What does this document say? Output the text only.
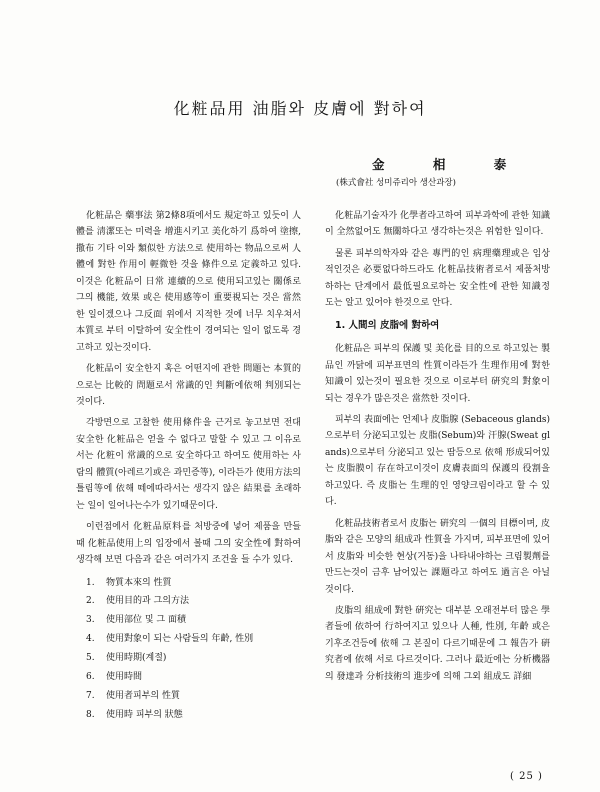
化粧品用 油脂와 皮膚에 對하여
金 相 泰
(株式會社 성미쥬리아 생산과장)

化粧品은 藥事法 第2條8項에서도 規定하고 있듯이 人體를 淸潔또는 미력을 增進시키고 美化하기 爲하여 塗擦, 撒布 기타 이와 類似한 方法으로 使用하는 物品으로써 人體에 對한 作用이 輕微한 것을 條件으로 定義하고 있다. 이것은 化粧品이 日常 連續的으로 使用되고있는 關係로 그의 機能, 效果 或은 使用感等이 重要視되는 것은 當然한 일이겠으나 그反面 위에서 지적한 것에 너무 치우쳐서 本質로 부터 이탈하여 安全性이 경여되는 일이 없도록 경고하고 있는것이다.

化粧品이 安全한지 혹은 어떤지에 관한 問題는 本質的으로는 比較的 問題로서 常識的인 判斷에依해 判別되는 것이다.

각방면으로 고찰한 使用條件을 근거로 놓고보면 전대 安全한 化粧品은 얻을 수 없다고 말할 수 있고 그 이유로서는 化粧이 常識的으로 安全하다고 하여도 使用하는 사람의 體質(아레르기或은 과민증等), 이라든가 使用方法의 틀림等에 依해 떼에따라서는 생각지 않은 結果를 초래하는 일이 일어나는수가 있기때문이다.

이런점에서 化粧品原料를 처방중에 넣어 제품을 만들때 化粧品使用上의 입장에서 볼때 그의 安全性에 對하여 생각해 보면 다음과 같은 여러가지 조건을 들 수가 있다.

1.	物質本來의 性質
2.	使用目的과 그의方法
3.	使用部位 및 그 面積
4.	使用對象이 되는 사람들의 年齡, 性別
5.	使用時期(계절)
6.	使用時間
7.	使用者피부의 性質
8.	使用時 피부의 狀態

化粧品기술자가 化學者라고하여 피부과학에 관한 知識이 全然없어도 無關하다고 생각하는것은 위험한 일이다.

물론 피부의학자와 같은 專門的인 病理藥理或은 임상적인것은 必要없다하드라도 化粧品技術者로서 제품처방하하는 단계에서 最低필요로하는 安全性에 관한 知識정도는 알고 있어야 한것으로 안다.

1. 人間의 皮脂에 對하여

化粧品은 피부의 保護 및 美化를 目的으로 하고있는 製品인 까닭에 피부표면의 性質이라든가 生理作用에 對한 知識이 있는것이 필요한 것으로 이로부터 硏究의 對象이 되는 경우가 많은것은 當然한 것이다.

피부의 表面에는 언제나 皮脂腺 (Sebaceous glands)으로부터 分泌되고있는 皮脂(Sebum)와 汗腺(Sweat glands)으로부터 分泌되고 있는 땀등으로 依해 形成되어있는 皮脂膜이 存在하고이것이 皮膚表面의 保護의 役割을 하고있다. 즉 皮脂는 生理的인 영양크림이라고 할 수 있다.

化粧品技術者로서 皮脂는 硏究의 一個의 目標이며, 皮脂와 같은 모양의 組成과 性質을 가지며, 피부표면에 있어서 皮脂와 비슷한 현상(거동)을 나타내야하는 크림製劑를 만드는것이 금후 남어있는 課題라고 하여도 過言은 아닐 것이다.

皮脂의 組成에 對한 硏究는 대부분 오래전부터 많은 學者들에 依하여 行하여지고 있으나 人種, 性別, 年齡 或은 기후조건등에 依해 그 본질이 다르기때문에 그 報告가 硏究者에 依해 서로 다르것이다. 그러나 最近에는 分析機器의 發達과 分析技術의 進步에 의해 그외 組成도 詳細

( 25 )
